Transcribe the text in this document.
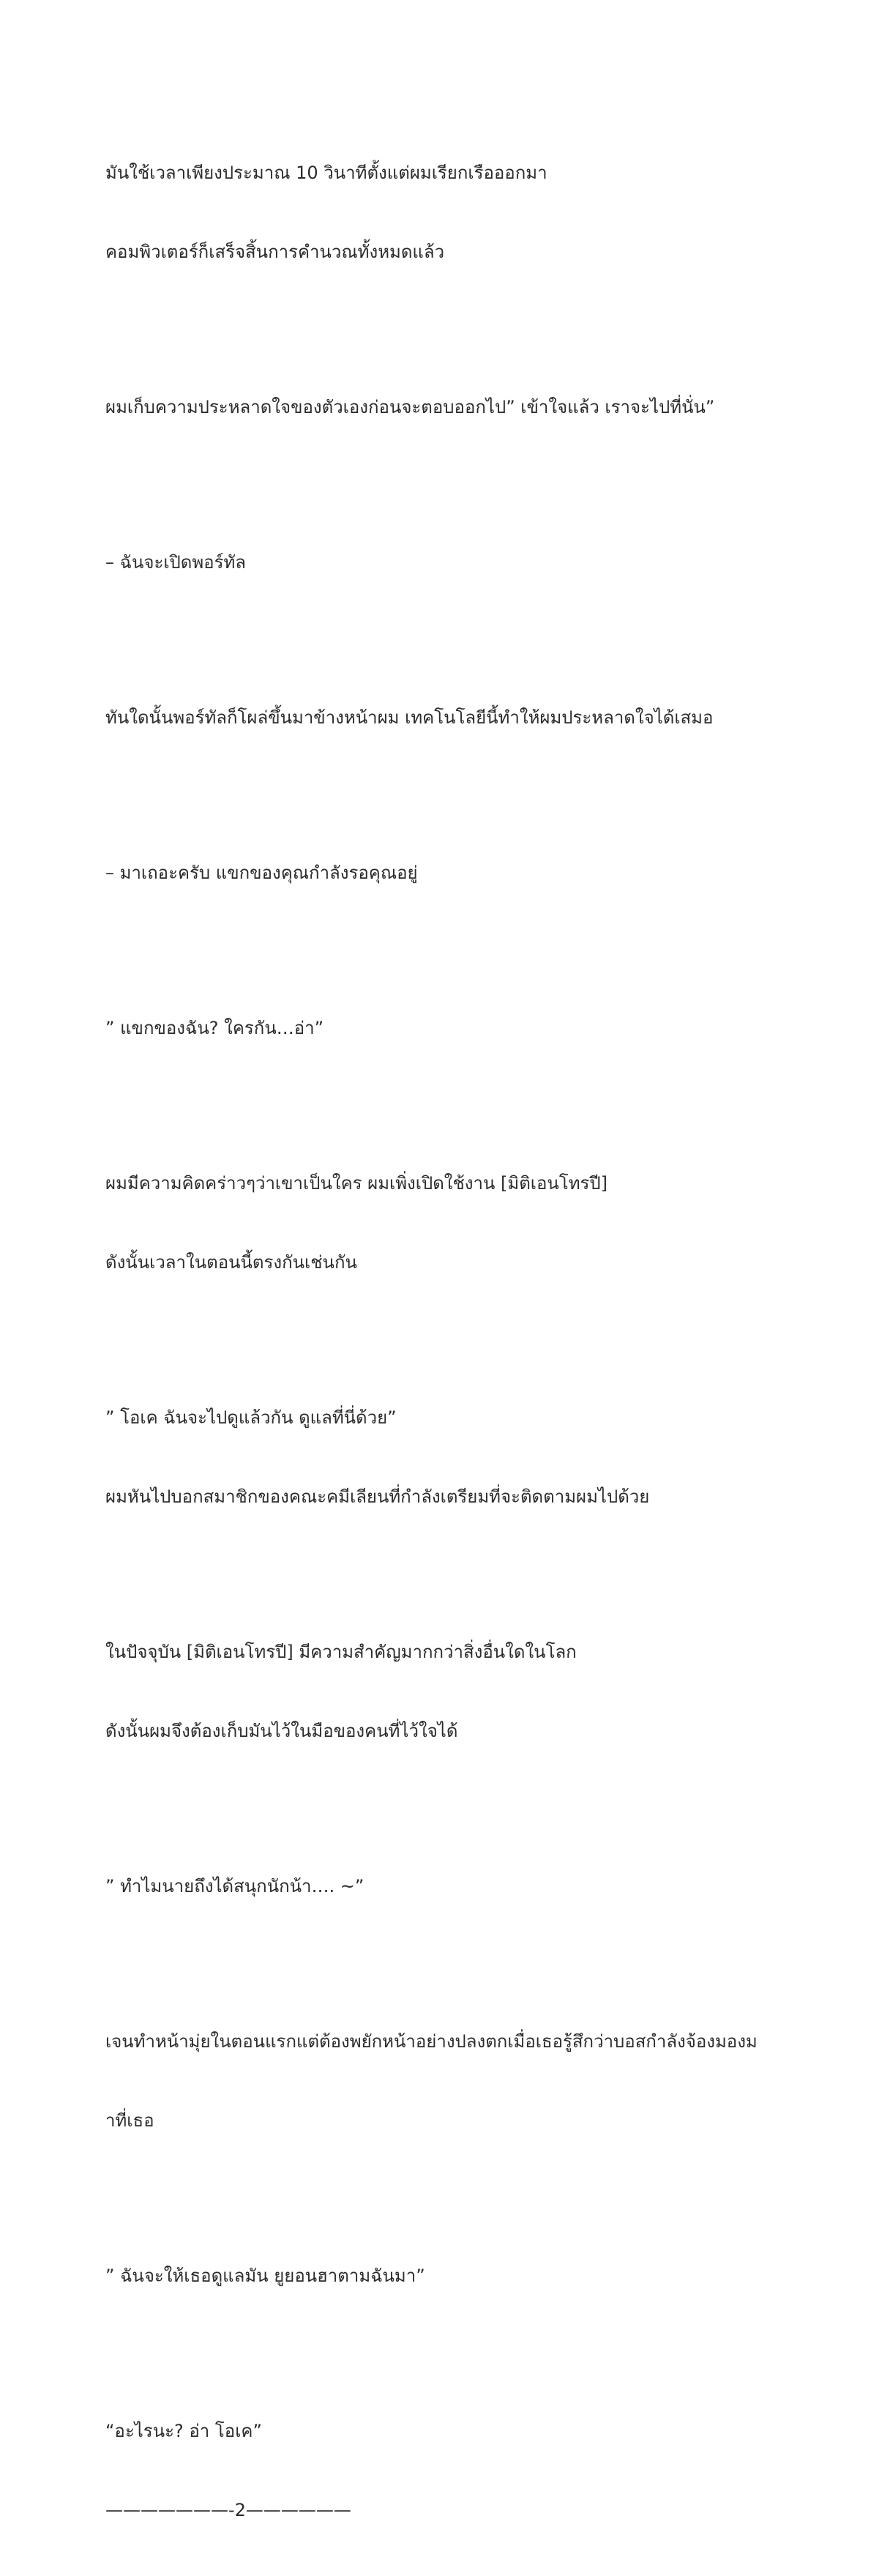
มันใช้เวลาเพียงประมาณ 10 วินาทีตั้งแต่ผมเรียกเรือออกมา

คอมพิวเตอร์ก็เสร็จสิ้นการคำนวณทั้งหมดแล้ว

ผมเก็บความประหลาดใจของตัวเองก่อนจะตอบออกไป” เข้าใจแล้ว เราจะไปที่นั่น”

– ฉันจะเปิดพอร์ทัล

ทันใดนั้นพอร์ทัลก็โผล่ขึ้นมาข้างหน้าผม เทคโนโลยีนี้ทำให้ผมประหลาดใจได้เสมอ

– มาเถอะครับ แขกของคุณกำลังรอคุณอยู่

” แขกของฉัน? ใครกัน…อ่า”

ผมมีความคิดคร่าวๆว่าเขาเป็นใคร ผมเพิ่งเปิดใช้งาน [มิติเอนโทรปี]

ดังนั้นเวลาในตอนนี้ตรงกันเช่นกัน

” โอเค ฉันจะไปดูแล้วกัน ดูแลที่นี่ด้วย”

ผมหันไปบอกสมาชิกของคณะคมีเลียนที่กำลังเตรียมที่จะติดตามผมไปด้วย

ในปัจจุบัน [มิติเอนโทรปี] มีความสำคัญมากกว่าสิ่งอื่นใดในโลก

ดังนั้นผมจึงต้องเก็บมันไว้ในมือของคนที่ไว้ใจได้

” ทำไมนายถึงได้สนุกนักน้า…. ~”

เจนทำหน้ามุ่ยในตอนแรกแต่ต้องพยักหน้าอย่างปลงตกเมื่อเธอรู้สึกว่าบอสกำลังจ้องมองม

าที่เธอ

” ฉันจะให้เธอดูแลมัน ยูยอนฮาตามฉันมา”

“อะไรนะ? อ่า โอเค”

———————-2——————
